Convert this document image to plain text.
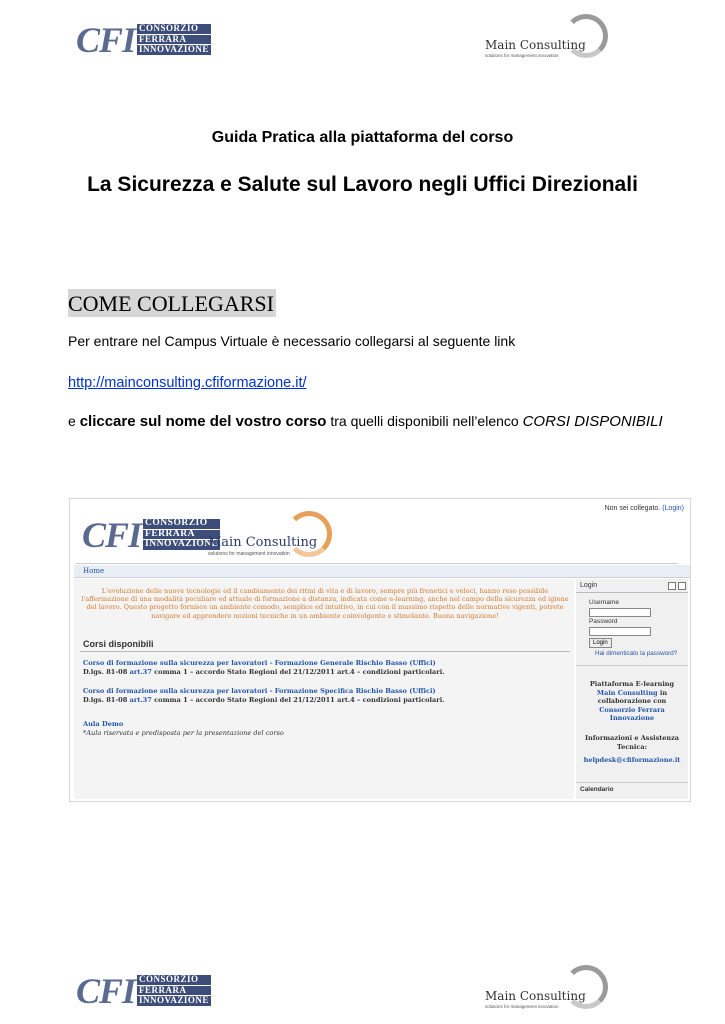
CFI CONSORZIO
FERRARA
INNOVAZIONE	Main Consulting
solutions for management innovation
Guida Pratica alla piattaforma del corso
La Sicurezza e Salute sul Lavoro negli Uffici Direzionali
COME COLLEGARSI
Per entrare nel Campus Virtuale è necessario collegarsi al seguente link
http://mainconsulting.cfiformazione.it/
e cliccare sul nome del vostro corso tra quelli disponibili nell’elenco CORSI DISPONIBILI
Non sei collegato. (Login)
CFI CONSORZIO
FERRARA
INNOVAZIONE
Main Consulting
solutions for management innovation
Home
L'evoluzione delle nuove tecnologie ed il cambiamento dei ritmi di vita e di lavoro, sempre più frenetici e veloci, hanno reso possibile l'affermazione di una modalità peculiare ed attuale di formazione a distanza, indicata come e-learning, anche nel campo della sicurezza ed igiene del lavoro. Questo progetto fornisce un ambiente comodo, semplice ed intuitivo, in cui con il massimo rispetto delle normative vigenti, potrete navigare ed apprendere nozioni tecniche in un ambiente coinvolgente e stimolante. Buona navigazione!
Corsi disponibili
Corso di formazione sulla sicurezza per lavoratori - Formazione Generale Rischio Basso (Uffici)
D.lgs. 81-08 art.37 comma 1 – accordo Stato Regioni del 21/12/2011 art.4 – condizioni particolari.
Corso di formazione sulla sicurezza per lavoratori - Formazione Specifica Rischio Basso (Uffici)
D.lgs. 81-08 art.37 comma 1 – accordo Stato Regioni del 21/12/2011 art.4 – condizioni particolari.
Aula Demo
*Aula riservata e predisposta per la presentazione del corso
Login
Username
Password
Login
Hai dimenticato la password?
Piattaforma E-learning
Main Consulting in
collaborazione con
Consorzio Ferrara
Innovazione
Informazioni e Assistenza
Tecnica:
helpdesk@cfiformazione.it
Calendario
CFI CONSORZIO
FERRARA
INNOVAZIONE	Main Consulting
solutions for management innovation
